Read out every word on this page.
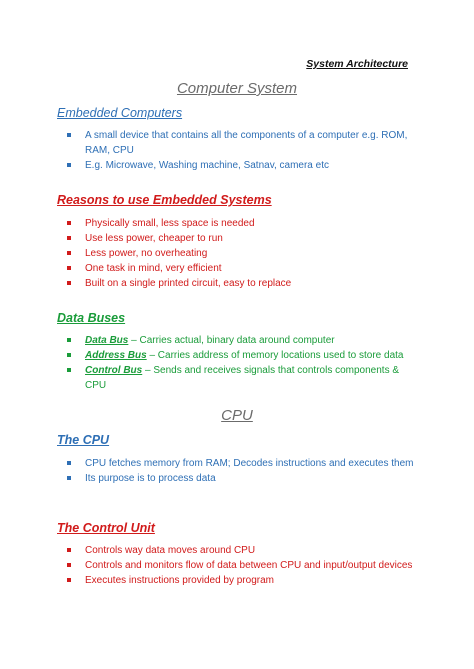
System Architecture
Computer System
Embedded Computers
A small device that contains all the components of a computer e.g. ROM, RAM, CPU
E.g. Microwave, Washing machine, Satnav, camera etc
Reasons to use Embedded Systems
Physically small, less space is needed
Use less power, cheaper to run
Less power, no overheating
One task in mind, very efficient
Built on a single printed circuit, easy to replace
Data Buses
Data Bus – Carries actual, binary data around computer
Address Bus – Carries address of memory locations used to store data
Control Bus – Sends and receives signals that controls components & CPU
CPU
The CPU
CPU fetches memory from RAM; Decodes instructions and executes them
Its purpose is to process data
The Control Unit
Controls way data moves around CPU
Controls and monitors flow of data between CPU and input/output devices
Executes instructions provided by program
